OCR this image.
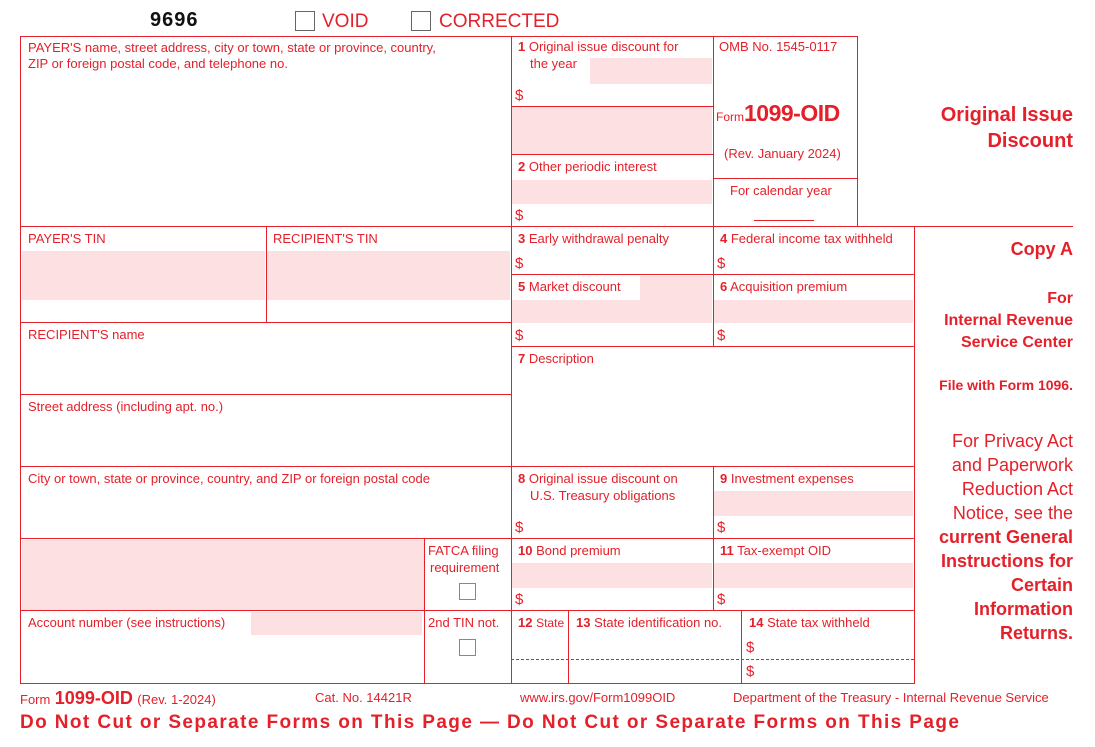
9696	VOID	CORRECTED
PAYER'S name, street address, city or town, state or province, country,
ZIP or foreign postal code, and telephone no.
PAYER'S TIN	RECIPIENT'S TIN
RECIPIENT'S name
Street address (including apt. no.)
City or town, state or province, country, and ZIP or foreign postal code
FATCA filing
requirement
Account number (see instructions)	2nd TIN not.
1 Original issue discount for
the year
$
2 Other periodic interest
$
3 Early withdrawal penalty
$
4 Federal income tax withheld
$
5 Market discount
$
6 Acquisition premium
$
7 Description
8 Original issue discount on
U.S. Treasury obligations
$
9 Investment expenses
$
10 Bond premium
$
11 Tax-exempt OID
$
12 State 13 State identification no. 14 State tax withheld
$
$
OMB No. 1545-0117
Form1099-OID
(Rev. January 2024)
For calendar year
Original Issue
Discount
Copy A
For
Internal Revenue
Service Center
File with Form 1096.
For Privacy Act
and Paperwork
Reduction Act
Notice, see the
current General
Instructions for
Certain
Information
Returns.
Form 1099-OID (Rev. 1-2024)	Cat. No. 14421R	www.irs.gov/Form1099OID	Department of the Treasury - Internal Revenue Service
Do Not Cut or Separate Forms on This Page — Do Not Cut or Separate Forms on This Page
